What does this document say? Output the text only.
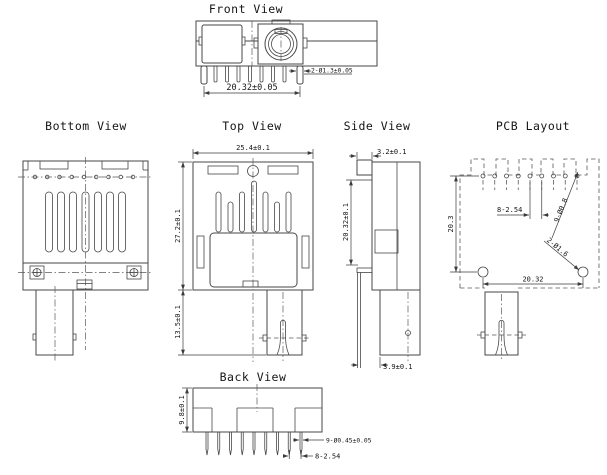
Front View
20.32±0.05
2-Ø1.3±0.05
Bottom View	Top View
25.4±0.1
27.2±0.1
13.5±0.1
Side View
3.2±0.1
20.32±0.1
3.9±0.1
PCB Layout
8-2.54	9-Ø0.8
2-Ø1.6
20.3
20.32
Back View
9.8±0.1
9-Ø0.45±0.05
8-2.54
